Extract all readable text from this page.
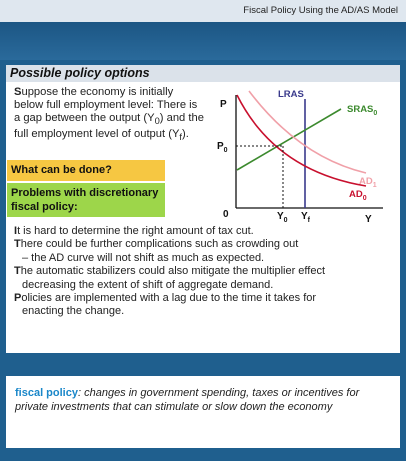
Fiscal Policy Using the AD/AS Model
Possible policy options
Suppose the economy is initially below full employment level: There is a gap between the output $(Y_0)$ and the full employment level of output $(Y_f)$.
What can be done?
Problems with discretionary fiscal policy:

It is hard to determine the right amount of tax cut.

There could be further complications such as crowding out

– the AD curve will not shift as much as expected.

The automatic stabilizers could also mitigate the multiplier effect

decreasing the extent of shift of aggregate demand.

Policies are implemented with a lag due to the time it takes for

enacting the change.

P
Y
0
LRAS
$SRAS_0$
$AD_1$
$AD_0$
$P_0$
$Y_0$ $Y_f$
fiscal policy: changes in government spending, taxes or incentives for private investments that can stimulate or slow down the economy
